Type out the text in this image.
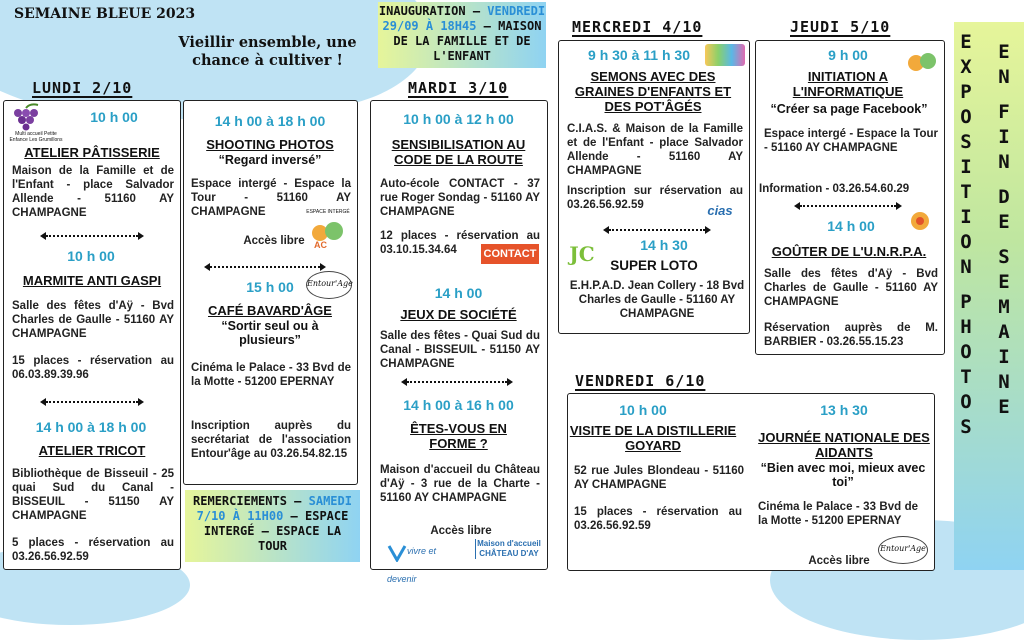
SEMAINE BLEUE 2023
Vieillir ensemble, une
chance à cultiver !
INAUGURATION – VENDREDI
29/09 À 18H45 – MAISON
DE LA FAMILLE ET DE
L'ENFANT
REMERCIEMENTS – SAMEDI
7/10 À 11H00 – ESPACE
INTERGÉ – ESPACE LA
TOUR
LUNDI 2/10	MARDI 3/10
MERCREDI 4/10	JEUDI 5/10
VENDREDI 6/10
Multi accueil Petite Enfance Les Grumillons
10 h 00
ATELIER PÂTISSERIE
Maison de la Famille et de l'Enfant - place Salvador Allende - 51160 AY CHAMPAGNE
10 h 00
MARMITE ANTI GASPI
Salle des fêtes d'Aÿ - Bvd Charles de Gaulle - 51160 AY CHAMPAGNE
15 places - réservation au 06.03.89.39.96
14 h 00 à 18 h 00
ATELIER TRICOT
Bibliothèque de Bisseuil - 25 quai Sud du Canal - BISSEUIL - 51150 AY CHAMPAGNE
5 places - réservation au 03.26.56.92.59
14 h 00 à 18 h 00
SHOOTING PHOTOS
“Regard inversé”
Espace intergé - Espace la Tour - 51160 AY CHAMPAGNE	ESPACE INTERGÉ
AC
Accès libre
15 h 00	Entour'Age
CAFÉ BAVARD'ÂGE
“Sortir seul ou à plusieurs”
Cinéma le Palace - 33 Bvd de la Motte - 51200 EPERNAY
Inscription auprès du secrétariat de l'association Entour'âge au 03.26.54.82.15
10 h 00 à 12 h 00
SENSIBILISATION AU CODE DE LA ROUTE
Auto-école CONTACT - 37 rue Roger Sondag - 51160 AY CHAMPAGNE
12 places - réservation au 03.10.15.34.64	CONTACT
14 h 00
JEUX DE SOCIÉTÉ
Salle des fêtes - Quai Sud du Canal - BISSEUIL - 51150 AY CHAMPAGNE
14 h 00 à 16 h 00
ÊTES-VOUS EN FORME ?
Maison d'accueil du Château d'Aÿ - 3 rue de la Charte - 51160 AY CHAMPAGNE
Accès libre
vivre et devenir
Maison d'accueil CHÂTEAU D'AY
9 h 30 à 11 h 30
SEMONS AVEC DES GRAINES D'ENFANTS ET DES POT'ÂGÉS
C.I.A.S. & Maison de la Famille et de l'Enfant - place Salvador Allende - 51160 AY CHAMPAGNE
Inscription sur réservation au 03.26.56.92.59	cias
JC	14 h 30
SUPER LOTO
E.H.P.A.D. Jean Collery - 18 Bvd Charles de Gaulle - 51160 AY CHAMPAGNE
9 h 00
INITIATION A L'INFORMATIQUE
“Créer sa page Facebook”
Espace intergé - Espace la Tour - 51160 AY CHAMPAGNE
Information - 03.26.54.60.29
14 h 00
GOÛTER DE L'U.N.R.P.A.
Salle des fêtes d'Aÿ - Bvd Charles de Gaulle - 51160 AY CHAMPAGNE
Réservation auprès de M. BARBIER - 03.26.55.15.23
10 h 00
VISITE DE LA DISTILLERIE GOYARD
52 rue Jules Blondeau - 51160 AY CHAMPAGNE
15 places - réservation au 03.26.56.92.59
13 h 30
JOURNÉE NATIONALE DES AIDANTS
“Bien avec moi, mieux avec toi”
Cinéma le Palace - 33 Bvd de la Motte - 51200 EPERNAY
Accès libre
Entour'Age
E
X
P
O
S
I
T
I
O
N

P
H
O
T
O
S
E
N

F
I
N

D
E

S
E
M
A
I
N
E
